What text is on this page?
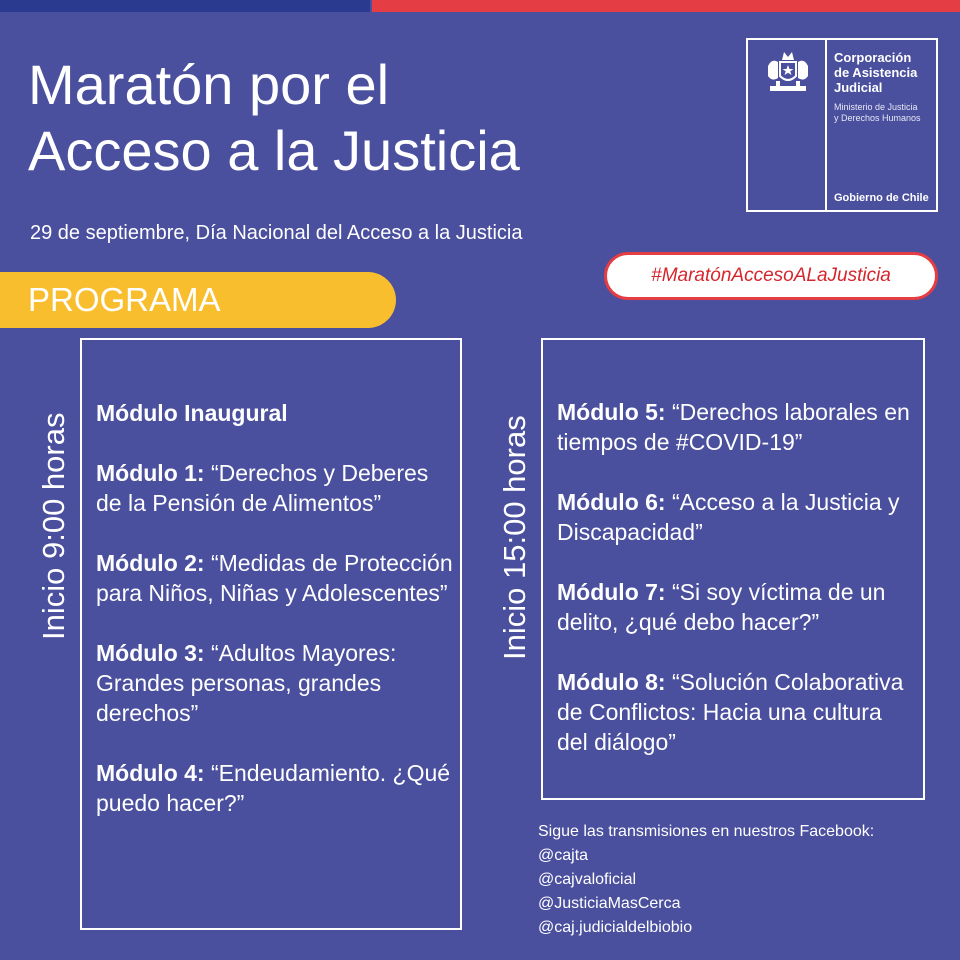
Maratón por el
Acceso a la Justicia
29 de septiembre, Día Nacional del Acceso a la Justicia
Corporación
de Asistencia
Judicial
Ministerio de Justicia
y Derechos Humanos
Gobierno de Chile
#MaratónAccesoALaJusticia
PROGRAMA
Inicio 9:00 horas Módulo Inaugural
Módulo 1: “Derechos y Deberes de la Pensión de Alimentos”
Módulo 2: “Medidas de Protección para Niños, Niñas y Adolescentes”
Módulo 3: “Adultos Mayores: Grandes personas, grandes derechos”
Módulo 4: “Endeudamiento. ¿Qué puedo hacer?”
Inicio 15:00 horas
Módulo 5: “Derechos laborales en tiempos de #COVID-19”
Módulo 6: “Acceso a la Justicia y Discapacidad”
Módulo 7: “Si soy víctima de un delito, ¿qué debo hacer?”
Módulo 8: “Solución Colaborativa de Conflictos: Hacia una cultura del diálogo”
Sigue las transmisiones en nuestros Facebook:
@cajta
@cajvaloficial
@JusticiaMasCerca
@caj.judicialdelbiobio
